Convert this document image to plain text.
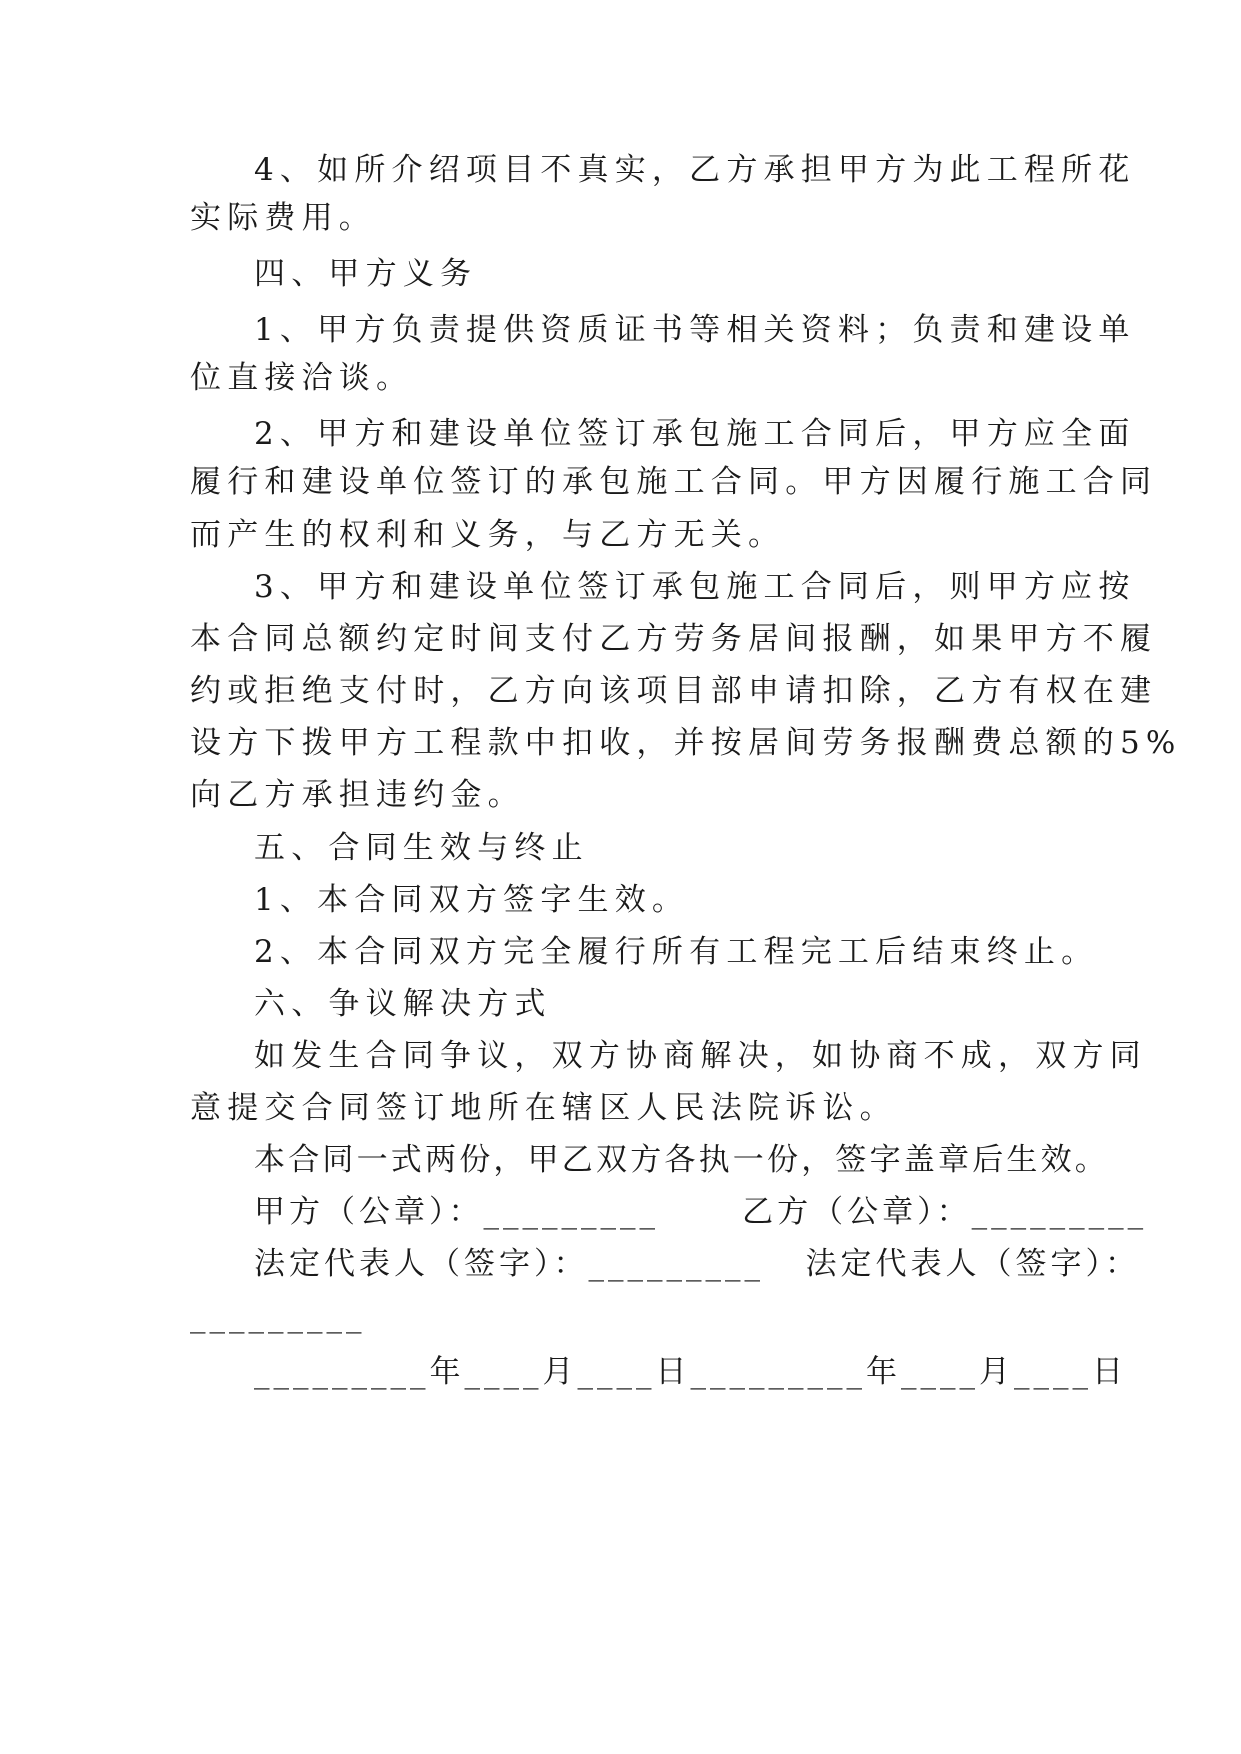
4、如所介绍项目不真实，乙方承担甲方为此工程所花
实际费用。
四、甲方义务
1、甲方负责提供资质证书等相关资料；负责和建设单
位直接洽谈。
2、甲方和建设单位签订承包施工合同后，甲方应全面
履行和建设单位签订的承包施工合同。甲方因履行施工合同
而产生的权利和义务，与乙方无关。
3、甲方和建设单位签订承包施工合同后，则甲方应按
本合同总额约定时间支付乙方劳务居间报酬，如果甲方不履
约或拒绝支付时，乙方向该项目部申请扣除，乙方有权在建
设方下拨甲方工程款中扣收，并按居间劳务报酬费总额的5%
向乙方承担违约金。
五、合同生效与终止
1、本合同双方签字生效。
2、本合同双方完全履行所有工程完工后结束终止。
六、争议解决方式
如发生合同争议，双方协商解决，如协商不成，双方同
意提交合同签订地所在辖区人民法院诉讼。
本合同一式两份，甲乙双方各执一份，签字盖章后生效。
甲方（公章）：_________      乙方（公章）：_________
法定代表人（签字）：_________   法定代表人（签字）：
_________
_________年____月____日_________年____月____日
